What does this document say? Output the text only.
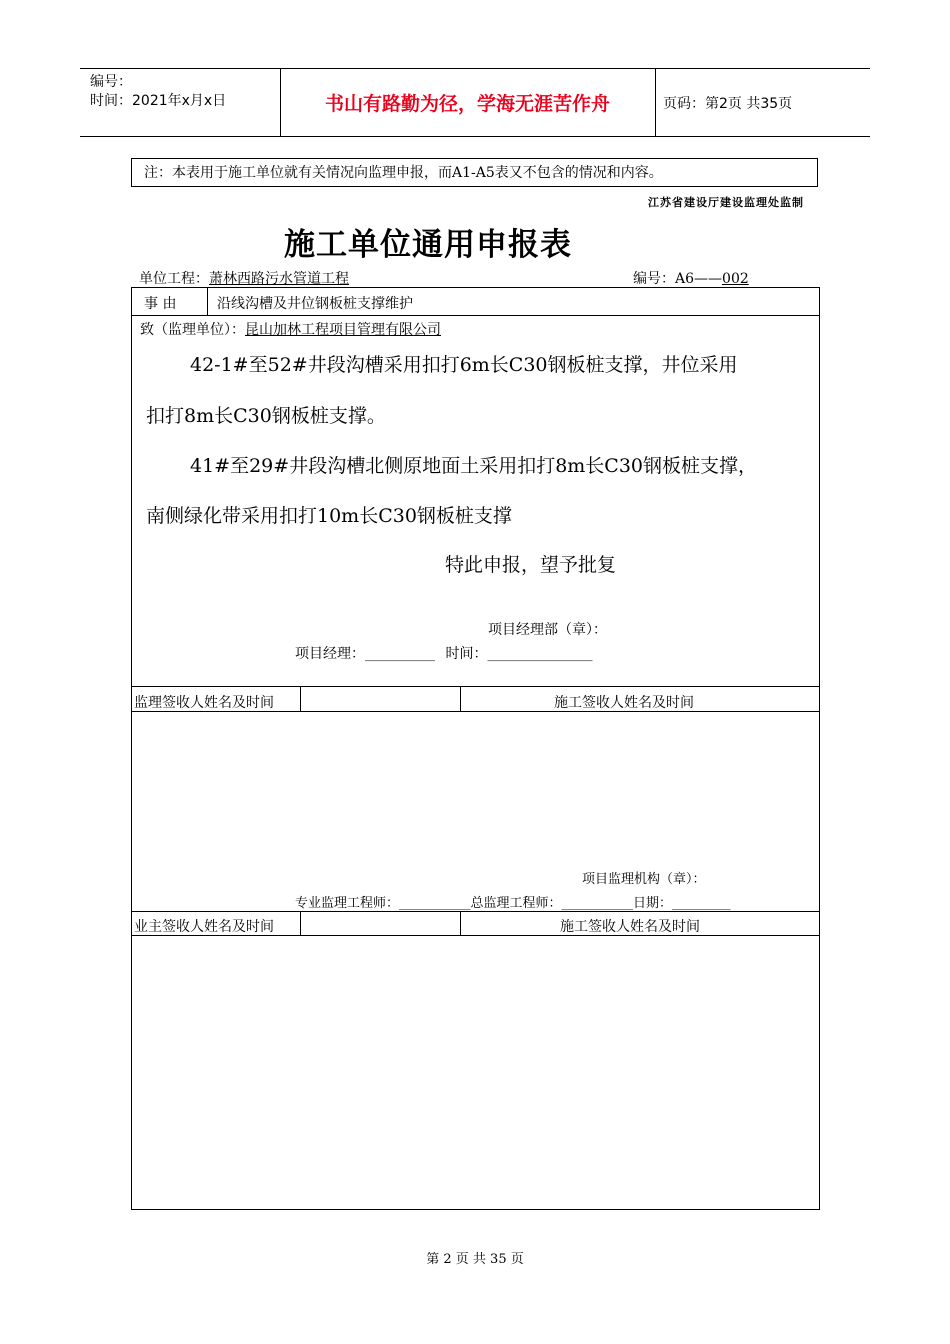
编号：
时间：2021年x月x日	书山有路勤为径，学海无涯苦作舟	页码：第2页 共35页
注：本表用于施工单位就有关情况向监理申报，而A1-A5表又不包含的情况和内容。
江苏省建设厅建设监理处监制
施工单位通用申报表
单位工程：萧林西路污水管道工程	编号：A6——002
事 由	沿线沟槽及井位钢板桩支撑维护
致（监理单位）：昆山加林工程项目管理有限公司
42-1#至52#井段沟槽采用扣打6m长C30钢板桩支撑，井位采用
扣打8m长C30钢板桩支撑。
41#至29#井段沟槽北侧原地面土采用扣打8m长C30钢板桩支撑，
南侧绿化带采用扣打10m长C30钢板桩支撑
特此申报，望予批复
项目经理部（章）：
项目经理：__________ 时间：_______________
监理签收人姓名及时间	施工签收人姓名及时间
项目监理机构（章）：
专业监理工程师：___________总监理工程师：___________日期：_________
业主签收人姓名及时间	施工签收人姓名及时间
第 2 页 共 35 页
